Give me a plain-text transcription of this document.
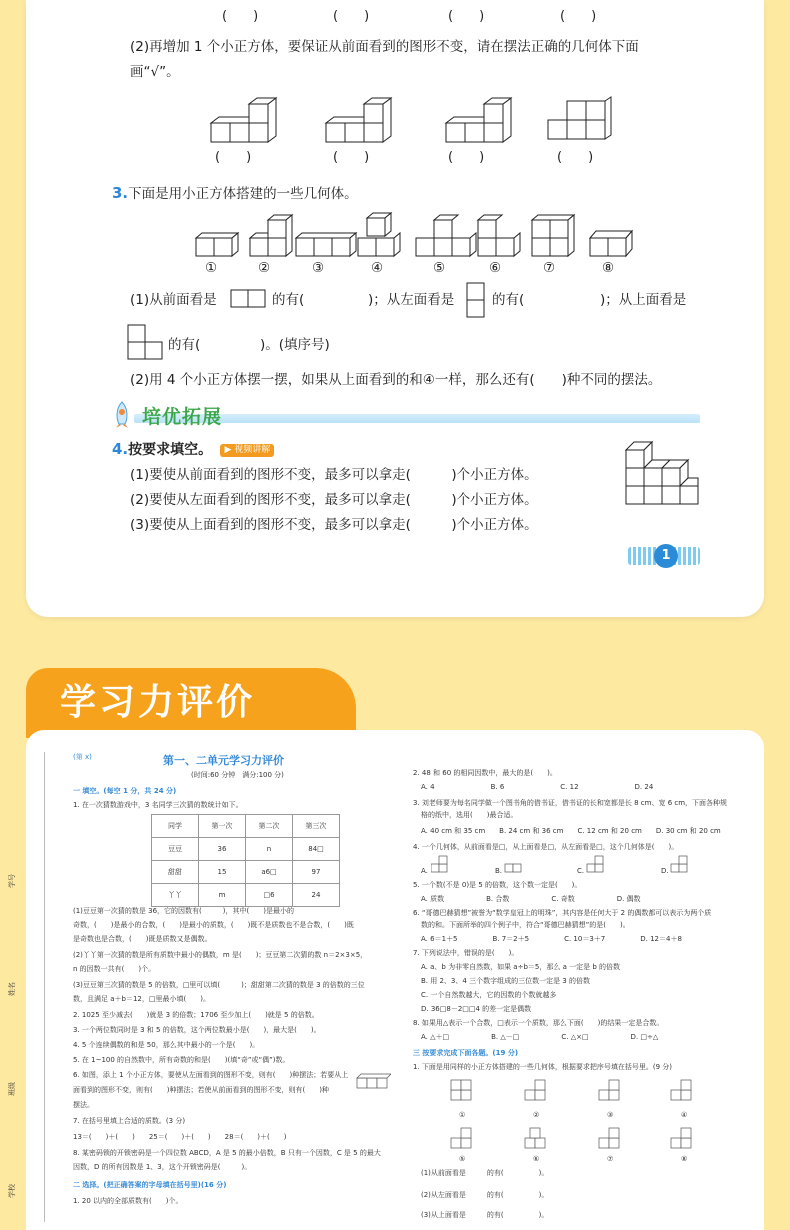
(　　)	(　　)	(　　)	(　　)
(2)再增加 1 个小正方体，要保证从前面看到的图形不变，请在摆法正确的几何体下面
画“√”。
(　　)	(　　)	(　　)	(　　)
3.下面是用小正方体搭建的一些几何体。
①	②	③	④	⑤	⑥	⑦	⑧
(1)从前面看是	的有(	)；从左面看是	的有(	)；从上面看是
的有(	)。(填序号)
(2)用 4 个小正方体摆一摆，如果从上面看到的和④一样，那么还有(　　)种不同的摆法。
培优拓展
4.按要求填空。 ▶ 视频讲解
(1)要使从前面看到的图形不变，最多可以拿走(　　　)个小正方体。
(2)要使从左面看到的图形不变，最多可以拿走(　　　)个小正方体。
(3)要使从上面看到的图形不变，最多可以拿走(　　　)个小正方体。
1
学习力评价
(第 x)	第一、二单元学习力评价
(时间:60 分钟　满分:100 分)
一 填空。(每空 1 分，共 24 分)
1. 在一次猜数游戏中，3 名同学三次猜的数统计如下。
同学	第一次	第二次	第三次
豆豆	36	n	84□
甜甜	15	a6□	97
丫丫	m	□6	24
(1)豆豆第一次猜的数是 36，它的因数有(　　　)，其中(　　)是最小的
奇数，(　　)是最小的合数，(　　)是最小的质数，(　　)既不是质数也不是合数，(　　)既
是奇数也是合数，(　　)既是质数又是偶数。
(2)丫丫第一次猜的数是所有质数中最小的偶数，m 是(　　)；豆豆第二次猜的数 n＝2×3×5，
n 的因数一共有(　　)个。
(3)豆豆第三次猜的数是 5 的倍数，□里可以填(　　　)；甜甜第二次猜的数是 3 的倍数的三位
数，且满足 a＋b＝12，□里最小填(　　)。
2. 1025 至少减去(　　)就是 3 的倍数；1706 至少加上(　　)就是 5 的倍数。
3. 一个两位数同时是 3 和 5 的倍数，这个两位数最小是(　　)，最大是(　　)。
4. 5 个连续偶数的和是 50，那么其中最小的一个是(　　)。
5. 在 1~100 的自然数中，所有奇数的和是(　　)(填“奇”或“偶”)数。
6. 如图，添上 1 个小正方体，要使从左面看到的图形不变，则有(　　)种摆法；若要从上
面看到的图形不变，则有(　　)种摆法；若使从前面看到的图形不变，则有(　　)种
摆法。
7. 在括号里填上合适的质数。(3 分)
13＝(　　)＋(　　)　　25＝(　　)＋(　　)　　28＝(　　)＋(　　)
8. 某密码锁的开锁密码是一个四位数 ABCD，A 是 5 的最小倍数，B 只有一个因数，C 是 5 的最大
因数，D 的所有因数是 1、3，这个开锁密码是(　　　)。
二 选择。(把正确答案的字母填在括号里)(16 分)
1. 20 以内的全部质数有(　　)个。
学号
姓名
班级
学校
2. 48 和 60 的相同因数中，最大的是(　　)。
A. 4　　　　　　　　B. 6　　　　　　　　C. 12　　　　　　　　D. 24
3. 刘老师要为每名同学做一个图书角的借书证，借书证的长和宽都是长 8 cm、宽 6 cm，下面各种规
格的纸中，选用(　　)最合适。
A. 40 cm 和 35 cm　　B. 24 cm 和 36 cm　　C. 12 cm 和 20 cm　　D. 30 cm 和 20 cm
4. 一个几何体，从前面看是□，从上面看是□，从左面看是□，这个几何体是(　　)。
A.	B.	C.	D.
5. 一个数(不是 0)是 5 的倍数，这个数一定是(　　)。
A. 质数　　　　　　B. 合数　　　　　　C. 奇数　　　　　　D. 偶数
6. “哥德巴赫猜想”被誉为“数学皇冠上的明珠”，其内容是任何大于 2 的偶数都可以表示为两个质
数的和。下面所举的四个例子中，符合“哥德巴赫猜想”的是(　　)。
A. 6＝1＋5　　　　　B. 7＝2＋5　　　　　C. 10＝3＋7　　　　　D. 12＝4＋8
7. 下列说法中，错误的是(　　)。
A. a、b 为非零自然数，如果 a÷b＝5，那么 a 一定是 b 的倍数
B. 用 2、3、4 三个数字组成的三位数一定是 3 的倍数
C. 一个自然数越大，它的因数的个数就越多
D. 36□8－2□□4 的差一定是偶数
8. 如果用△表示一个合数，□表示一个质数，那么下面(　　)的结果一定是合数。
A. △＋□　　　　　　B. △－□　　　　　　C. △×□　　　　　　D. □÷△
三 按要求完成下面各题。(19 分)
1. 下面是用同样的小正方体搭建的一些几何体，根据要求把序号填在括号里。(9 分)
①	②	③	④
⑤	⑥	⑦	⑧
(1)从前面看是　　　的有(　　　　　)。
(2)从左面看是　　　的有(　　　　　)。
(3)从上面看是　　　的有(　　　　　)。
